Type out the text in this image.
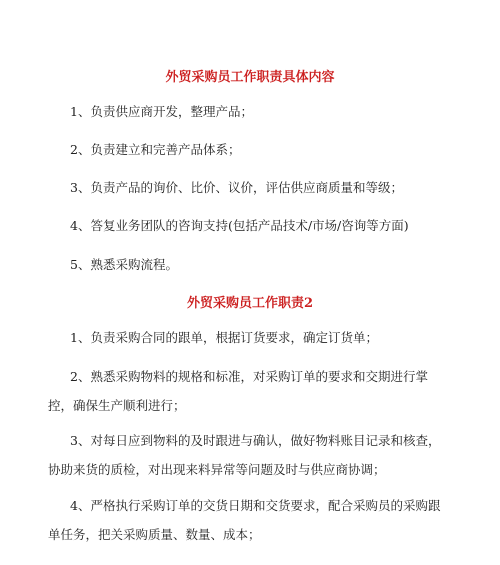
外贸采购员工作职责具体内容
1、负责供应商开发，整理产品；
2、负责建立和完善产品体系；
3、负责产品的询价、比价、议价，评估供应商质量和等级；
4、答复业务团队的咨询支持(包括产品技术/市场/咨询等方面)
5、熟悉采购流程。
外贸采购员工作职责2
1、负责采购合同的跟单，根据订货要求，确定订货单；
2、熟悉采购物料的规格和标准，对采购订单的要求和交期进行掌控，确保生产顺利进行；
3、对每日应到物料的及时跟进与确认，做好物料账目记录和核查，协助来货的质检，对出现来料异常等问题及时与供应商协调；
4、严格执行采购订单的交货日期和交货要求，配合采购员的采购跟单任务，把关采购质量、数量、成本；
